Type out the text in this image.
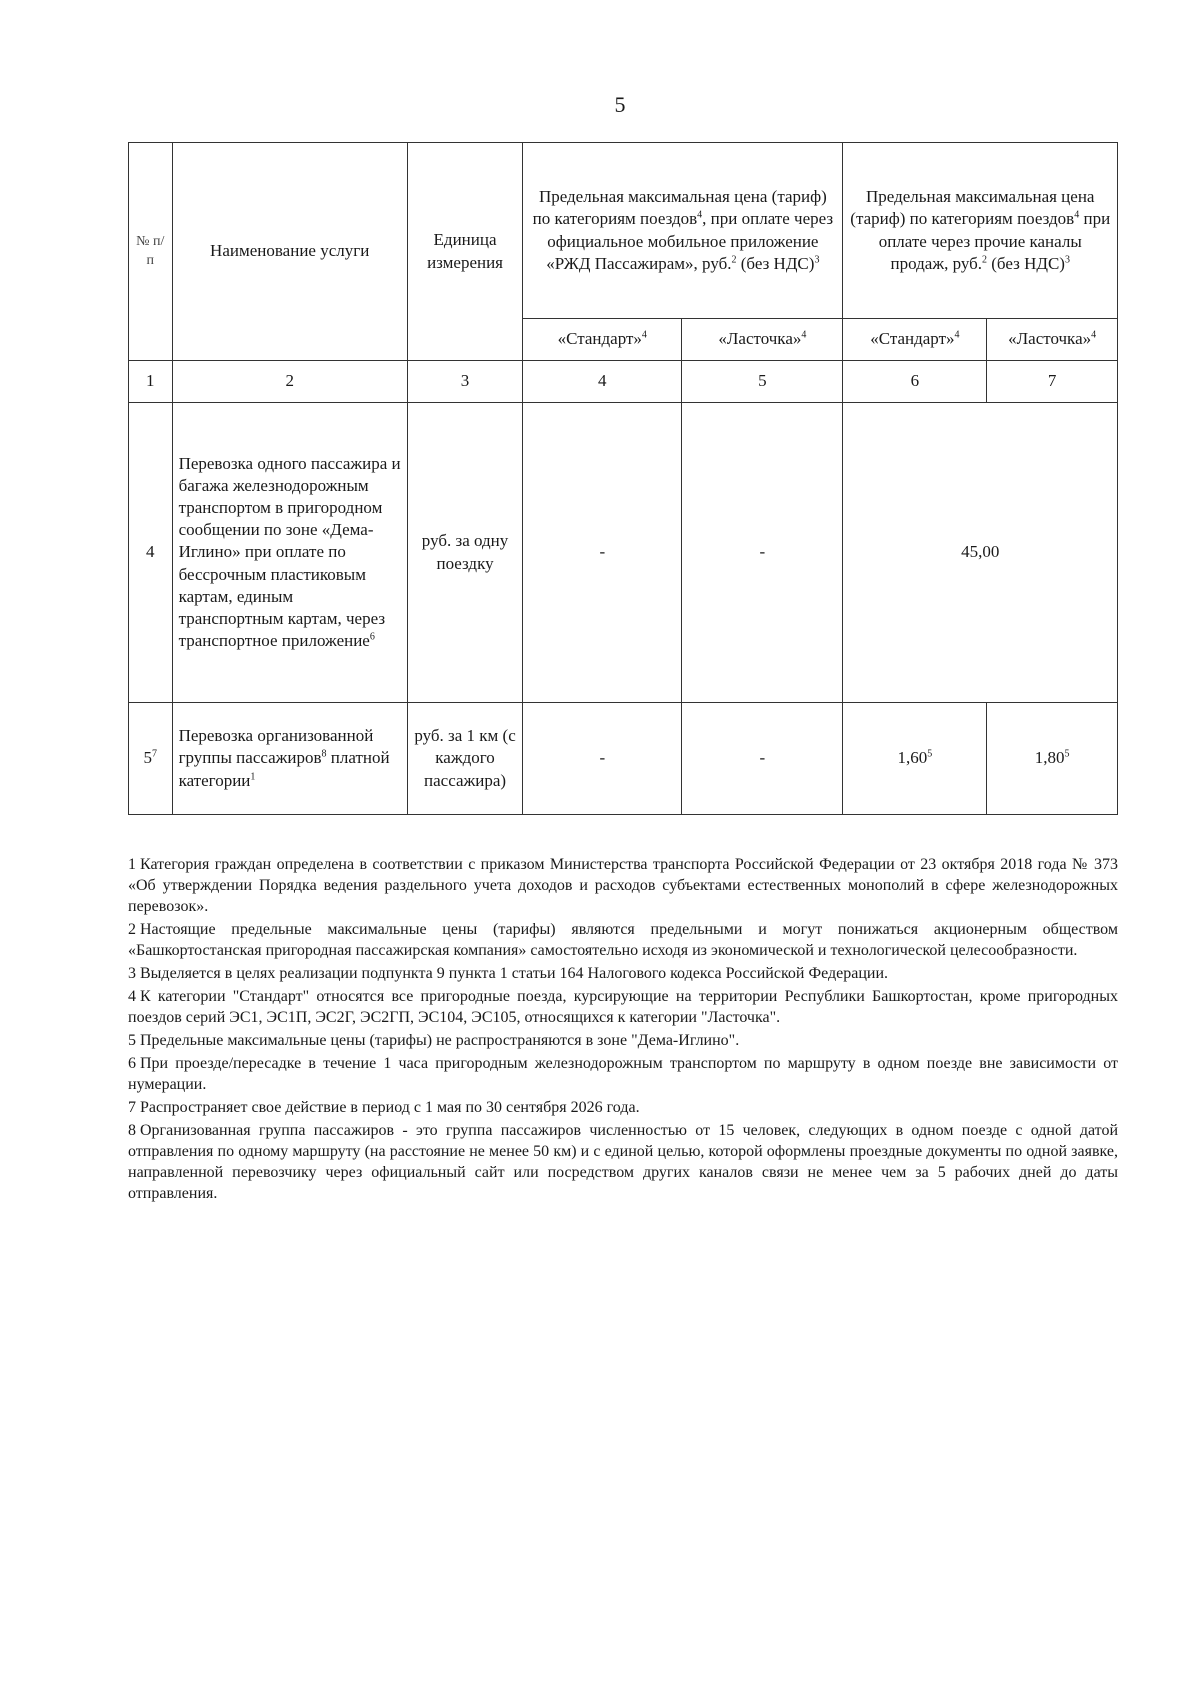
5
№ п/п	Наименование услуги	Единица измерения	Предельная максимальная цена (тариф) по категориям поездов$^4$, при оплате через официальное мобильное приложение «РЖД Пассажирам», руб.$^2$ (без НДС)$^3$		Предельная максимальная цена (тариф) по категориям поездов$^4$ при оплате через прочие каналы продаж, руб.$^2$ (без НДС)$^3$
			«Стандарт»$^4$	«Ласточка»$^4$	«Стандарт»$^4$	«Ласточка»$^4$
1	2	3	4	5	6	7
4	Перевозка одного пассажира и багажа железнодорожным транспортом в пригородном сообщении по зоне «Дема-Иглино» при оплате по бессрочным пластиковым картам, единым транспортным картам, через транспортное приложение$^6$	руб. за одну поездку	-	-	45,00	
$5^7$	Перевозка организованной группы пассажиров$^8$ платной категории$^1$	руб. за 1 км (с каждого пассажира)	-	-	1,60$^5$	1,80$^5$

1 Категория граждан определена в соответствии с приказом Министерства транспорта Российской Федерации от 23 октября 2018 года № 373 «Об утверждении Порядка ведения раздельного учета доходов и расходов субъектами естественных монополий в сфере железнодорожных перевозок».

2 Настоящие предельные максимальные цены (тарифы) являются предельными и могут понижаться акционерным обществом «Башкортостанская пригородная пассажирская компания» самостоятельно исходя из экономической и технологической целесообразности.

3 Выделяется в целях реализации подпункта 9 пункта 1 статьи 164 Налогового кодекса Российской Федерации.

4 К категории "Стандарт" относятся все пригородные поезда, курсирующие на территории Республики Башкортостан, кроме пригородных поездов серий ЭС1, ЭС1П, ЭС2Г, ЭС2ГП, ЭС104, ЭС105, относящихся к категории "Ласточка".

5 Предельные максимальные цены (тарифы) не распространяются в зоне "Дема-Иглино".

6 При проезде/пересадке в течение 1 часа пригородным железнодорожным транспортом по маршруту в одном поезде вне зависимости от нумерации.

7 Распространяет свое действие в период с 1 мая по 30 сентября 2026 года.

8 Организованная группа пассажиров - это группа пассажиров численностью от 15 человек, следующих в одном поезде с одной датой отправления по одному маршруту (на расстояние не менее 50 км) и с единой целью, которой оформлены проездные документы по одной заявке, направленной перевозчику через официальный сайт или посредством других каналов связи не менее чем за 5 рабочих дней до даты отправления.
